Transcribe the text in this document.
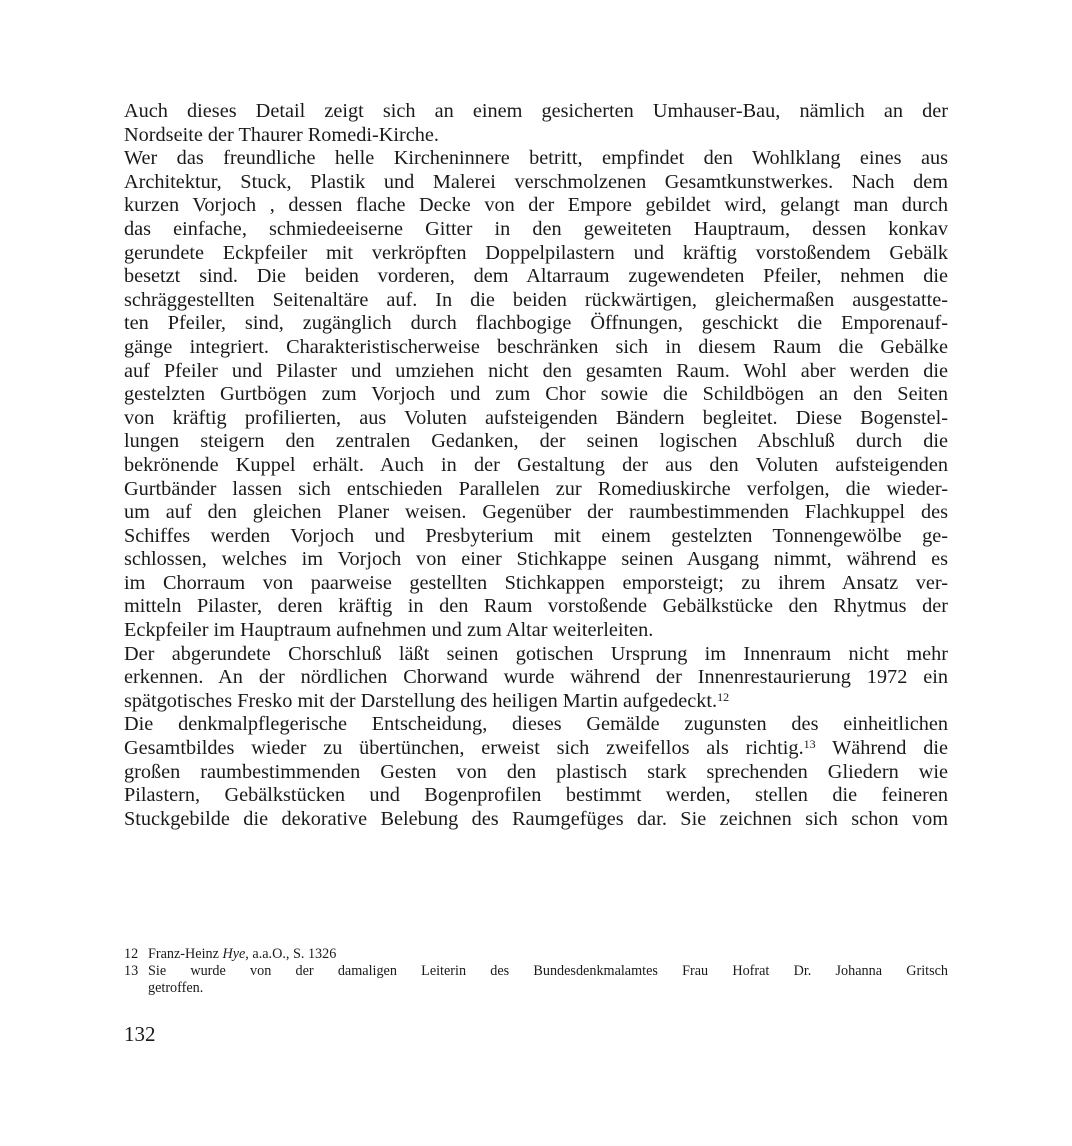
Auch dieses Detail zeigt sich an einem gesicherten Umhauser-Bau, nämlich an der
Nordseite der Thaurer Romedi-Kirche.
Wer das freundliche helle Kircheninnere betritt, empfindet den Wohlklang eines aus
Architektur, Stuck, Plastik und Malerei verschmolzenen Gesamtkunstwerkes. Nach dem
kurzen Vorjoch , dessen flache Decke von der Empore gebildet wird, gelangt man durch
das einfache, schmiedeeiserne Gitter in den geweiteten Hauptraum, dessen konkav
gerundete Eckpfeiler mit verkröpften Doppelpilastern und kräftig vorstoßendem Gebälk
besetzt sind. Die beiden vorderen, dem Altarraum zugewendeten Pfeiler, nehmen die
schräggestellten Seitenaltäre auf. In die beiden rückwärtigen, gleichermaßen ausgestatte-
ten Pfeiler, sind, zugänglich durch flachbogige Öffnungen, geschickt die Emporenauf-
gänge integriert. Charakteristischerweise beschränken sich in diesem Raum die Gebälke
auf Pfeiler und Pilaster und umziehen nicht den gesamten Raum. Wohl aber werden die
gestelzten Gurtbögen zum Vorjoch und zum Chor sowie die Schildbögen an den Seiten
von kräftig profilierten, aus Voluten aufsteigenden Bändern begleitet. Diese Bogenstel-
lungen steigern den zentralen Gedanken, der seinen logischen Abschluß durch die
bekrönende Kuppel erhält. Auch in der Gestaltung der aus den Voluten aufsteigenden
Gurtbänder lassen sich entschieden Parallelen zur Romediuskirche verfolgen, die wieder-
um auf den gleichen Planer weisen. Gegenüber der raumbestimmenden Flachkuppel des
Schiffes werden Vorjoch und Presbyterium mit einem gestelzten Tonnengewölbe ge-
schlossen, welches im Vorjoch von einer Stichkappe seinen Ausgang nimmt, während es
im Chorraum von paarweise gestellten Stichkappen emporsteigt; zu ihrem Ansatz ver-
mitteln Pilaster, deren kräftig in den Raum vorstoßende Gebälkstücke den Rhytmus der
Eckpfeiler im Hauptraum aufnehmen und zum Altar weiterleiten.
Der abgerundete Chorschluß läßt seinen gotischen Ursprung im Innenraum nicht mehr
erkennen. An der nördlichen Chorwand wurde während der Innenrestaurierung 1972 ein
spätgotisches Fresko mit der Darstellung des heiligen Martin aufgedeckt.$^{12}$
Die denkmalpflegerische Entscheidung, dieses Gemälde zugunsten des einheitlichen
Gesamtbildes wieder zu übertünchen, erweist sich zweifellos als richtig.$^{13}$ Während die
großen raumbestimmenden Gesten von den plastisch stark sprechenden Gliedern wie
Pilastern, Gebälkstücken und Bogenprofilen bestimmt werden, stellen die feineren
Stuckgebilde die dekorative Belebung des Raumgefüges dar. Sie zeichnen sich schon vom
12 Franz-Heinz Hye, a.a.O., S. 1326
13 Sie wurde von der damaligen Leiterin des Bundesdenkmalamtes Frau Hofrat Dr. Johanna Gritsch
getroffen.
132
